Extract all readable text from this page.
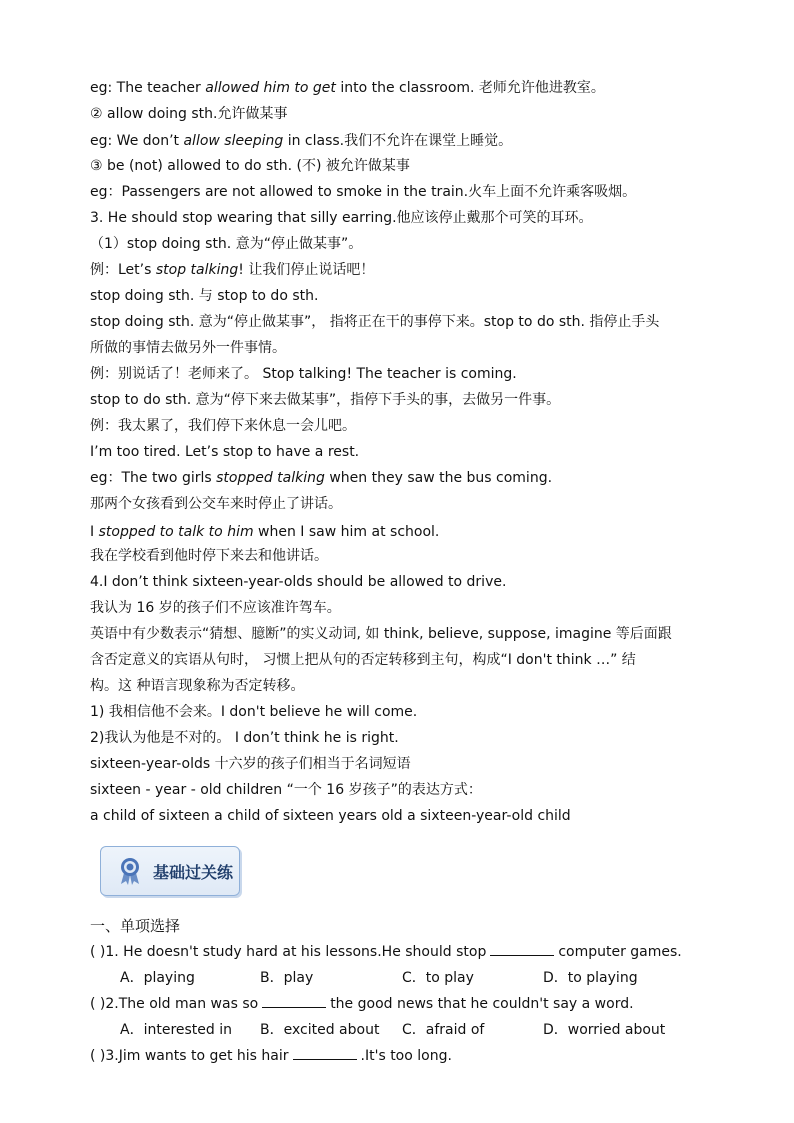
eg: The teacher allowed him to get into the classroom. 老师允许他进教室。
② allow doing sth.允许做某事
eg: We don’t allow sleeping in class.我们不允许在课堂上睡觉。
③ be (not) allowed to do sth. (不) 被允许做某事
eg：Passengers are not allowed to smoke in the train.火车上面不允许乘客吸烟。
3. He should stop wearing that silly earring.他应该停止戴那个可笑的耳环。
（1）stop doing sth. 意为“停止做某事”。
例：Let’s stop talking! 让我们停止说话吧！
stop doing sth. 与 stop to do sth.
stop doing sth. 意为“停止做某事”， 指将正在干的事停下来。stop to do sth. 指停止手头
所做的事情去做另外一件事情。
例：别说话了！老师来了。 Stop talking! The teacher is coming.
stop to do sth. 意为“停下来去做某事”，指停下手头的事，去做另一件事。
例：我太累了，我们停下来休息一会儿吧。
I’m too tired. Let’s stop to have a rest.
eg：The two girls stopped talking when they saw the bus coming.
那两个女孩看到公交车来时停止了讲话。
I stopped to talk to him when I saw him at school.
我在学校看到他时停下来去和他讲话。
4.I don’t think sixteen-year-olds should be allowed to drive.
我认为 16 岁的孩子们不应该准许驾车。
英语中有少数表示“猜想、臆断”的实义动词, 如 think, believe, suppose, imagine 等后面跟
含否定意义的宾语从句时， 习惯上把从句的否定转移到主句，构成“I don't think …” 结
构。这 种语言现象称为否定转移。
1) 我相信他不会来。I don't believe he will come.
2)我认为他是不对的。 I don’t think he is right.
sixteen-year-olds 十六岁的孩子们相当于名词短语
sixteen - year - old children “一个 16 岁孩子”的表达方式：
a child of sixteen a child of sixteen years old a sixteen-year-old child
基础过关练
一、单项选择
( )1. He doesn't study hard at his lessons.He should stop	computer games.
A．playing	B．play	C．to play	D．to playing
( )2.The old man was so	the good news that he couldn't say a word.
A．interested in B．excited about C．afraid of	D．worried about
( )3.Jim wants to get his hair	.It's too long.
